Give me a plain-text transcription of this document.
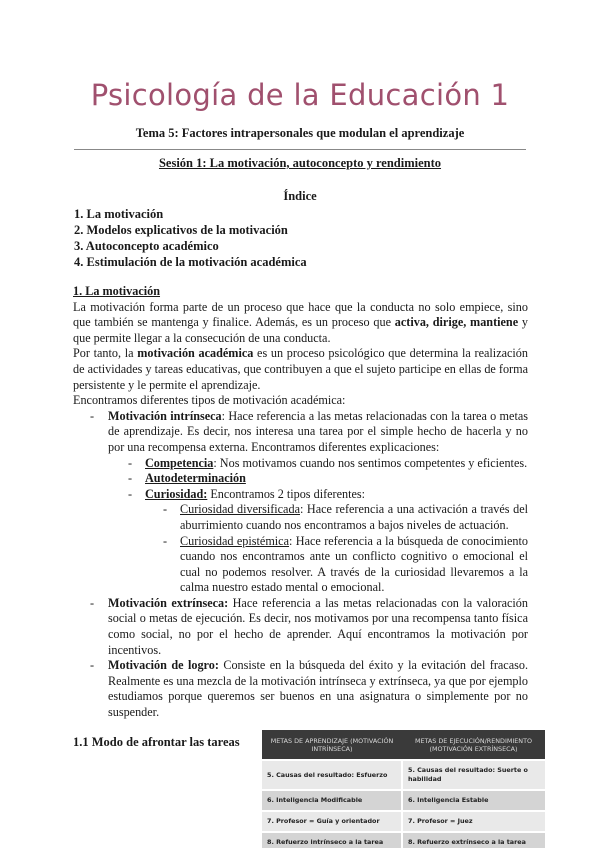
Psicología de la Educación 1
Tema 5: Factores intrapersonales que modulan el aprendizaje
Sesión 1: La motivación, autoconcepto y rendimiento
Índice
1. La motivación
2. Modelos explicativos de la motivación
3. Autoconcepto académico
4. Estimulación de la motivación académica
1. La motivación

La motivación forma parte de un proceso que hace que la conducta no solo empiece, sino que también se mantenga y finalice. Además, es un proceso que activa, dirige, mantiene y que permite llegar a la consecución de una conducta.

Por tanto, la motivación académica es un proceso psicológico que determina la realización de actividades y tareas educativas, que contribuyen a que el sujeto participe en ellas de forma persistente y le permite el aprendizaje.

Encontramos diferentes tipos de motivación académica:

- Motivación intrínseca: Hace referencia a las metas relacionadas con la tarea o metas de aprendizaje. Es decir, nos interesa una tarea por el simple hecho de hacerla y no por una recompensa externa. Encontramos diferentes explicaciones:
- Competencia: Nos motivamos cuando nos sentimos competentes y eficientes.
- Autodeterminación
- Curiosidad: Encontramos 2 tipos diferentes:
- Curiosidad diversificada: Hace referencia a una activación a través del aburrimiento cuando nos encontramos a bajos niveles de actuación.
- Curiosidad epistémica: Hace referencia a la búsqueda de conocimiento cuando nos encontramos ante un conflicto cognitivo o emocional el cual no podemos resolver. A través de la curiosidad llevaremos a la calma nuestro estado mental o emocional.
- Motivación extrínseca: Hace referencia a las metas relacionadas con la valoración social o metas de ejecución. Es decir, nos motivamos por una recompensa tanto física como social, no por el hecho de aprender. Aquí encontramos la motivación por incentivos.
- Motivación de logro: Consiste en la búsqueda del éxito y la evitación del fracaso. Realmente es una mezcla de la motivación intrínseca y extrínseca, ya que por ejemplo estudiamos porque queremos ser buenos en una asignatura o simplemente por no suspender.
1.1 Modo de afrontar las tareas	METAS DE APRENDIZAJE (MOTIVACIÓN INTRÍNSECA)	METAS DE EJECUCIÓN/RENDIMIENTO (MOTIVACIÓN EXTRÍNSECA)
5. Causas del resultado: Esfuerzo	5. Causas del resultado: Suerte o habilidad
6. Inteligencia Modificable	6. Inteligencia Estable
7. Profesor = Guía y orientador	7. Profesor = Juez
8. Refuerzo intrínseco a la tarea	8. Refuerzo extrínseco a la tarea
